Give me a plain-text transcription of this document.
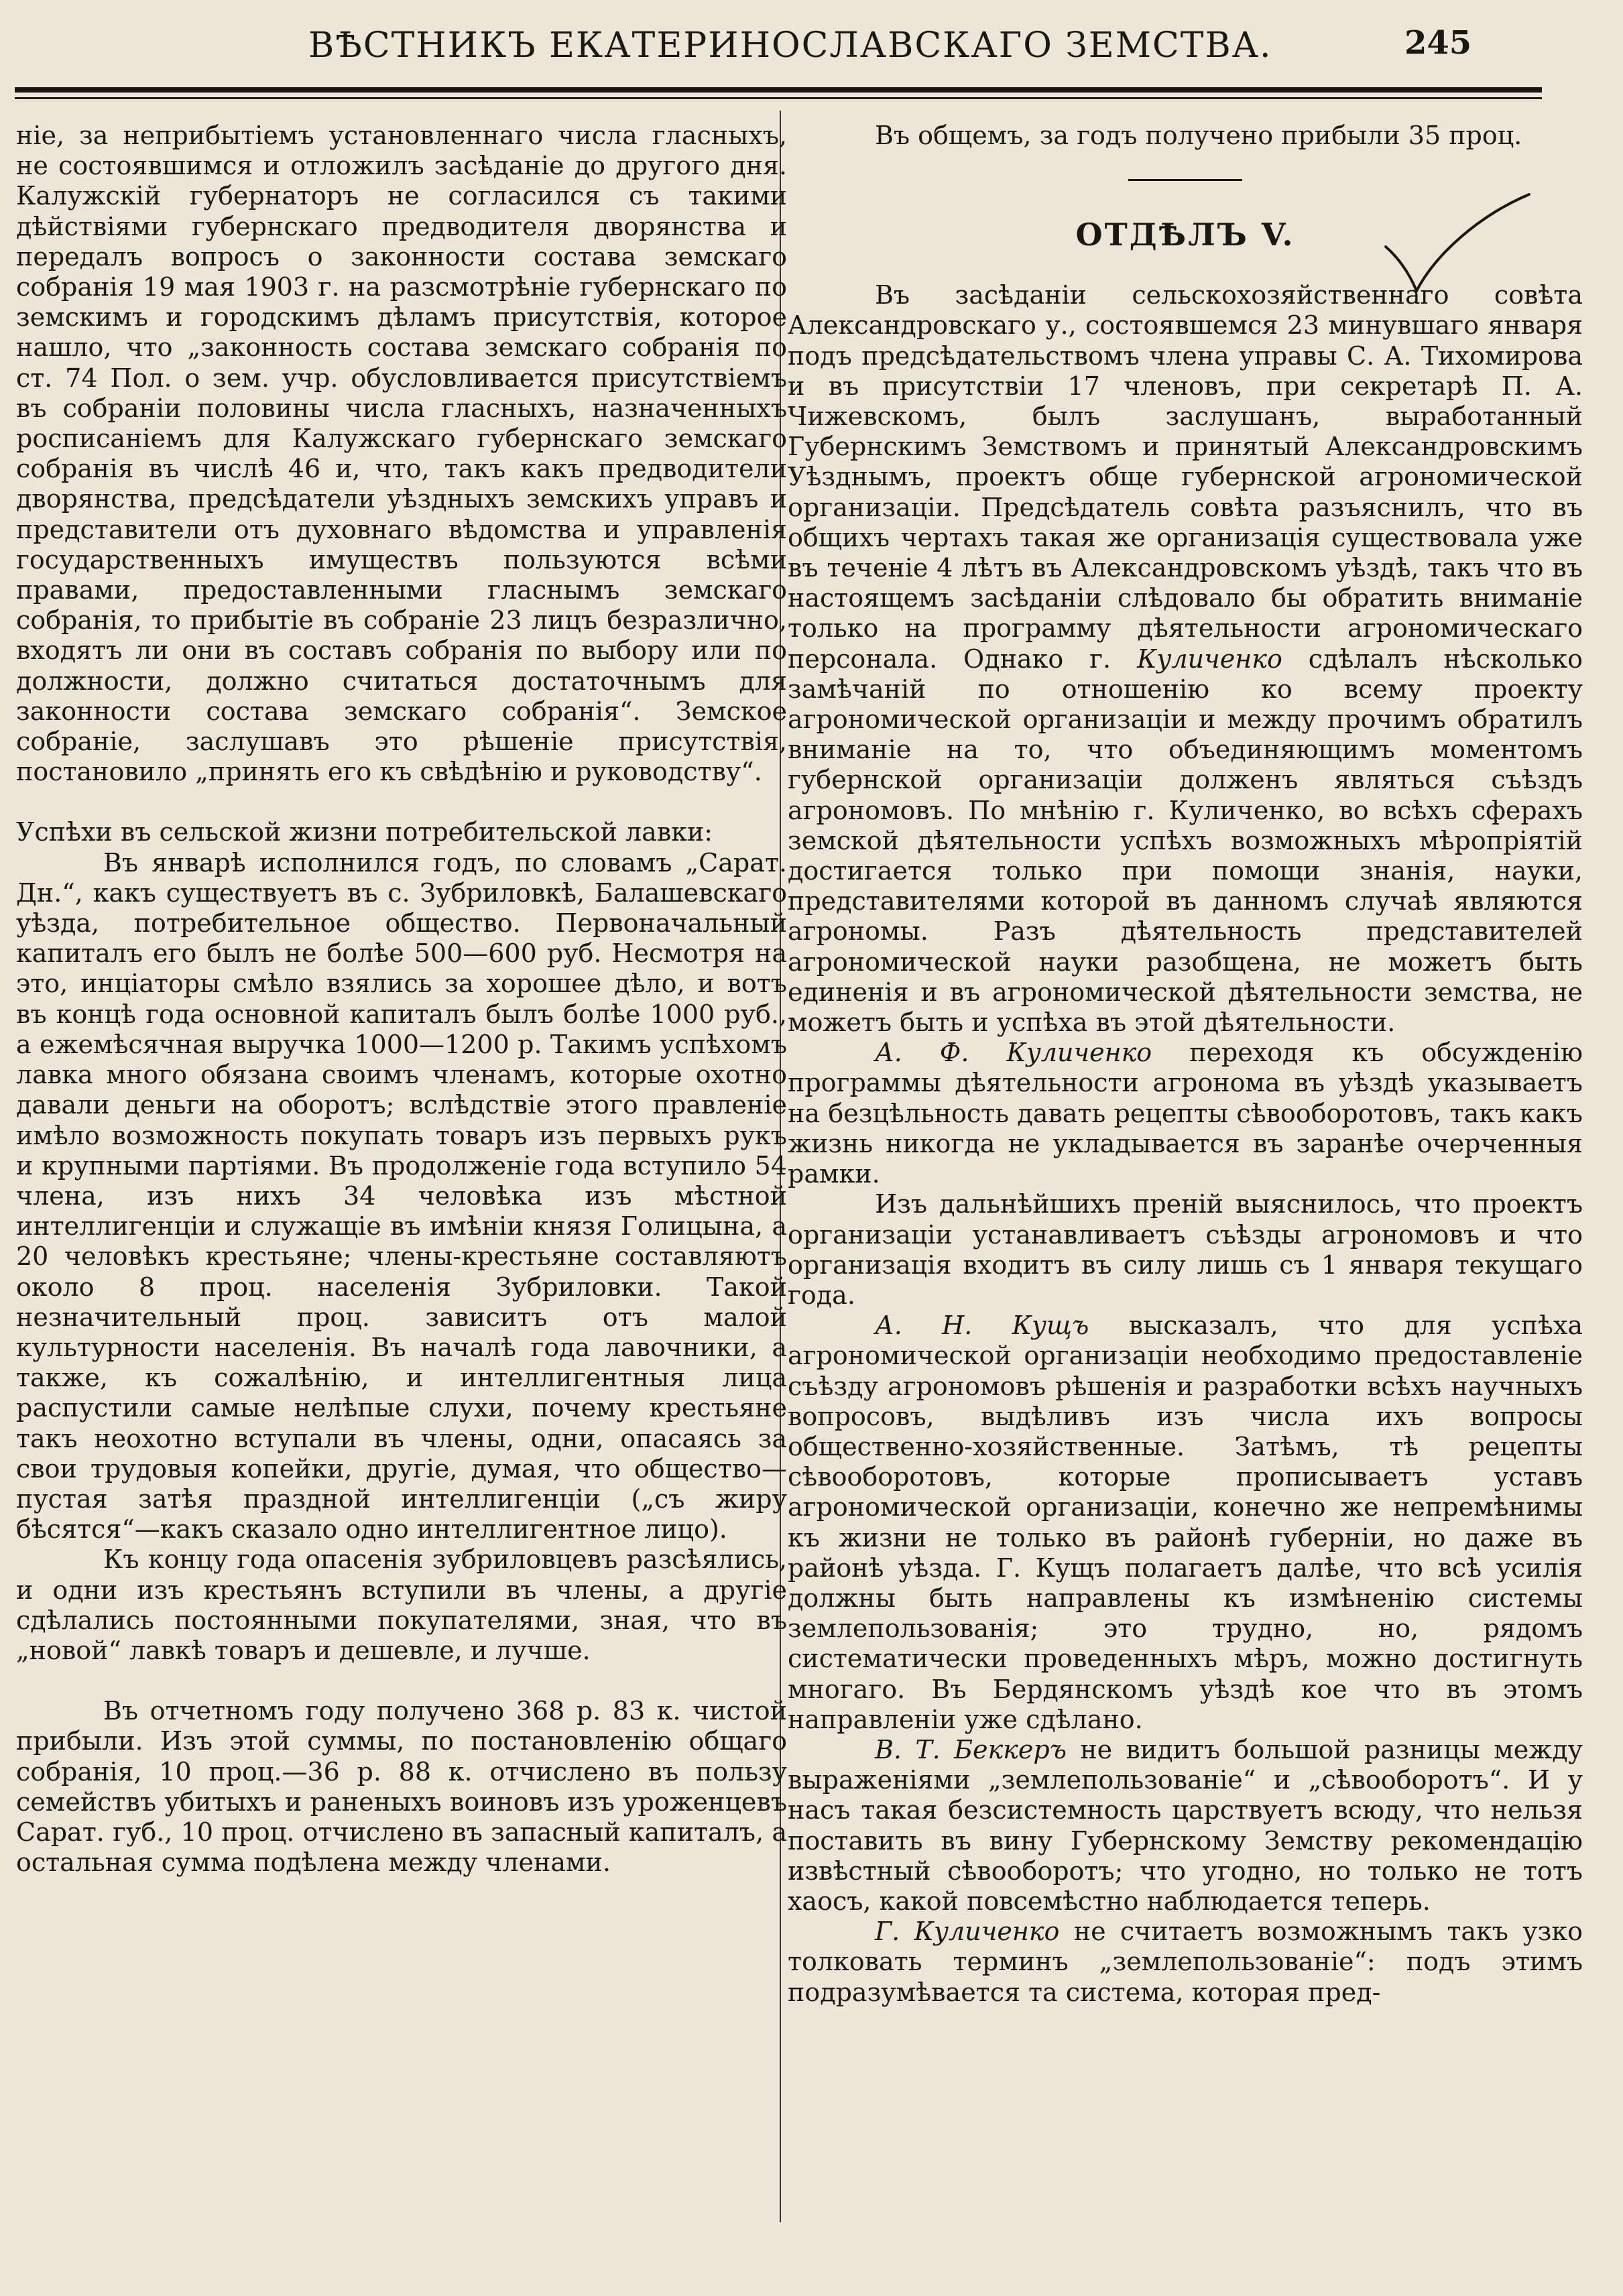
ВѢСТНИКЪ ЕКАТЕРИНОСЛАВСКАГО ЗЕМСТВА.	245

ніе, за неприбытіемъ установленнаго числа гласныхъ, не состоявшимся и отложилъ засѣданіе до другого дня. Калужскій губернаторъ не согласился съ такими дѣйствіями губернскаго предводителя дворянства и передалъ вопросъ о законности состава земскаго собранія 19 мая 1903 г. на разсмотрѣніе губернскаго по земскимъ и городскимъ дѣламъ присутствія, которое нашло, что „законность состава земскаго собранія по ст. 74 Пол. о зем. учр. обусловливается присутствіемъ въ собраніи половины числа гласныхъ, назначенныхъ росписаніемъ для Калужскаго губернскаго земскаго собранія въ числѣ 46 и, что, такъ какъ предводители дворянства, предсѣдатели уѣздныхъ земскихъ управъ и представители отъ духовнаго вѣдомства и управленія государственныхъ имуществъ пользуются всѣми правами, предоставленными гласнымъ земскаго собранія, то прибытіе въ собраніе 23 лицъ безразлично, входятъ ли они въ составъ собранія по выбору или по должности, должно считаться достаточнымъ для законности состава земскаго собранія“. Земское собраніе, заслушавъ это рѣшеніе присутствія, постановило „принять его къ свѣдѣнію и руководству“.

Успѣхи въ сельской жизни потребительской лавки:

Въ январѣ исполнился годъ, по словамъ „Сарат. Дн.“, какъ существуетъ въ с. Зубриловкѣ, Балашевскаго уѣзда, потребительное общество. Первоначальный капиталъ его былъ не болѣе 500—600 руб. Несмотря на это, инціаторы смѣло взялись за хорошее дѣло, и вотъ въ концѣ года основной капиталъ былъ болѣе 1000 руб., а ежемѣсячная выручка 1000—1200 р. Такимъ успѣхомъ лавка много обязана своимъ членамъ, которые охотно давали деньги на оборотъ; вслѣдствіе этого правленіе имѣло возможность покупать товаръ изъ первыхъ рукъ и крупными партіями. Въ продолженіе года вступило 54 члена, изъ нихъ 34 человѣка изъ мѣстной интеллигенціи и служащіе въ имѣніи князя Голицына, а 20 человѣкъ крестьяне; члены-крестьяне составляютъ около 8 проц. населенія Зубриловки. Такой незначительный проц. зависитъ отъ малой культурности населенія. Въ началѣ года лавочники, а также, къ сожалѣнію, и интеллигентныя лица распустили самые нелѣпые слухи, почему крестьяне такъ неохотно вступали въ члены, одни, опасаясь за свои трудовыя копейки, другіе, думая, что общество—пустая затѣя праздной интеллигенціи („съ жиру бѣсятся“—какъ сказало одно интеллигентное лицо).

Къ концу года опасенія зубриловцевъ разсѣялись, и одни изъ крестьянъ вступили въ члены, а другіе сдѣлались постоянными покупателями, зная, что въ „новой“ лавкѣ товаръ и дешевле, и лучше.

Въ отчетномъ году получено 368 р. 83 к. чистой прибыли. Изъ этой суммы, по постановленію общаго собранія, 10 проц.—36 р. 88 к. отчислено въ пользу семействъ убитыхъ и раненыхъ воиновъ изъ уроженцевъ Сарат. губ., 10 проц. отчислено въ запасный капиталъ, а остальная сумма подѣлена между членами.

Въ общемъ, за годъ получено прибыли 35 проц.

ОТДѢЛЪ V.

Въ засѣданіи сельскохозяйственнаго совѣта Александровскаго у., состоявшемся 23 минувшаго января подъ предсѣдательствомъ члена управы С. А. Тихомирова и въ присутствіи 17 членовъ, при секретарѣ П. А. Чижевскомъ, былъ заслушанъ, выработанный Губернскимъ Земствомъ и принятый Александровскимъ Уѣзднымъ, проектъ обще губернской агрономической организаціи. Предсѣдатель совѣта разъяснилъ, что въ общихъ чертахъ такая же организація существовала уже въ теченіе 4 лѣтъ въ Александровскомъ уѣздѣ, такъ что въ настоящемъ засѣданіи слѣдовало бы обратить вниманіе только на программу дѣятельности агрономическаго персонала. Однако г. Куличенко сдѣлалъ нѣсколько замѣчаній по отношенію ко всему проекту агрономической организаціи и между прочимъ обратилъ вниманіе на то, что объединяющимъ моментомъ губернской организаціи долженъ являться съѣздъ агрономовъ. По мнѣнію г. Куличенко, во всѣхъ сферахъ земской дѣятельности успѣхъ возможныхъ мѣропріятій достигается только при помощи знанія, науки, представителями которой въ данномъ случаѣ являются агрономы. Разъ дѣятельность представителей агрономической науки разобщена, не можетъ быть единенія и въ агрономической дѣятельности земства, не можетъ быть и успѣха въ этой дѣятельности.

А. Ф. Куличенко переходя къ обсужденію программы дѣятельности агронома въ уѣздѣ указываетъ на безцѣльность давать рецепты сѣвооборотовъ, такъ какъ жизнь никогда не укладывается въ заранѣе очерченныя рамки.

Изъ дальнѣйшихъ преній выяснилось, что проектъ организаціи устанавливаетъ съѣзды агрономовъ и что организація входитъ въ силу лишь съ 1 января текущаго года.

А. Н. Кущъ высказалъ, что для успѣха агрономической организаціи необходимо предоставленіе съѣзду агрономовъ рѣшенія и разработки всѣхъ научныхъ вопросовъ, выдѣливъ изъ числа ихъ вопросы общественно-хозяйственные. Затѣмъ, тѣ рецепты сѣвооборотовъ, которые прописываетъ уставъ агрономической организаціи, конечно же непремѣнимы къ жизни не только въ районѣ губерніи, но даже въ районѣ уѣзда. Г. Кущъ полагаетъ далѣе, что всѣ усилія должны быть направлены къ измѣненію системы землепользованія; это трудно, но, рядомъ систематически проведенныхъ мѣръ, можно достигнуть многаго. Въ Бердянскомъ уѣздѣ кое что въ этомъ направленіи уже сдѣлано.

В. Т. Беккеръ не видитъ большой разницы между выраженіями „землепользованіе“ и „сѣвооборотъ“. И у насъ такая безсистемность царствуетъ всюду, что нельзя поставить въ вину Губернскому Земству рекомендацію извѣстный сѣвооборотъ; что угодно, но только не тотъ хаосъ, какой повсемѣстно наблюдается теперь.

Г. Куличенко не считаетъ возможнымъ такъ узко толковать терминъ „землепользованіе“: подъ этимъ подразумѣвается та система, которая пред-
